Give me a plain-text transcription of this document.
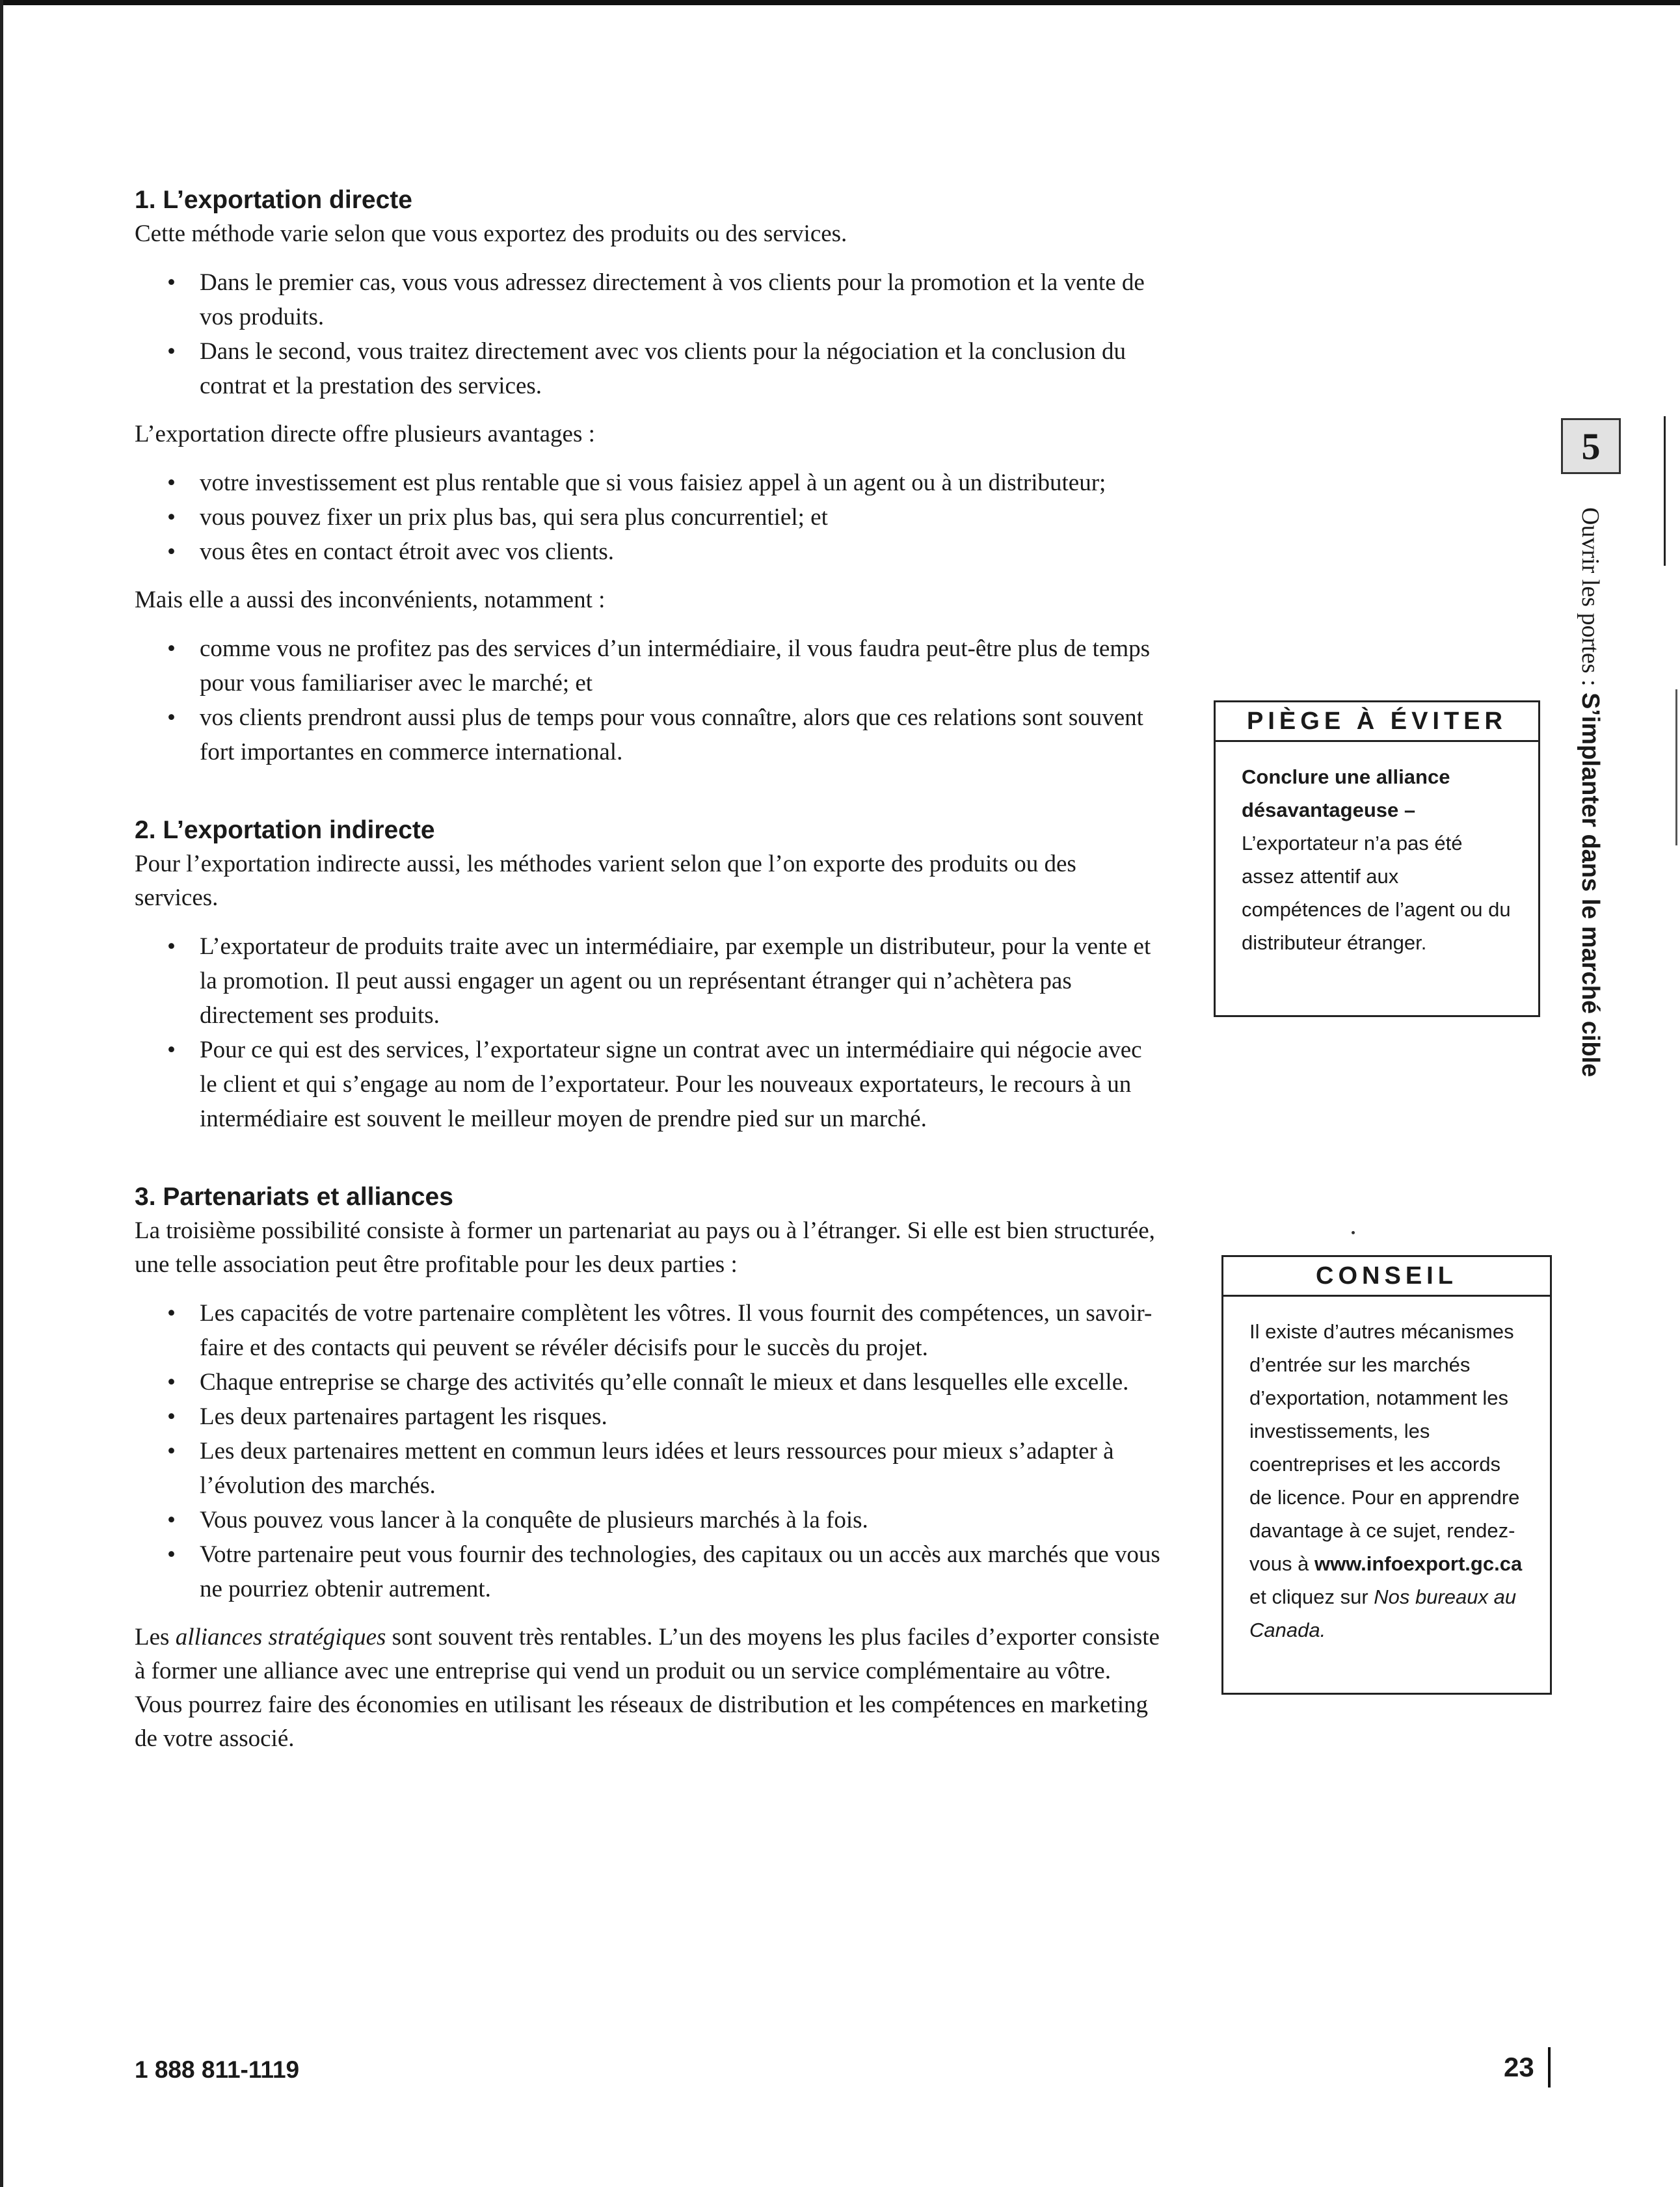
1. L’exportation directe

Cette méthode varie selon que vous exportez des produits ou des services.

• Dans le premier cas, vous vous adressez directement à vos clients pour la promotion et la vente de vos produits.
• Dans le second, vous traitez directement avec vos clients pour la négociation et la conclusion du contrat et la prestation des services.

L’exportation directe offre plusieurs avantages :

• votre investissement est plus rentable que si vous faisiez appel à un agent ou à un distributeur;
• vous pouvez fixer un prix plus bas, qui sera plus concurrentiel; et
• vous êtes en contact étroit avec vos clients.

Mais elle a aussi des inconvénients, notamment :

• comme vous ne profitez pas des services d’un intermédiaire, il vous faudra peut-être plus de temps pour vous familiariser avec le marché; et
• vos clients prendront aussi plus de temps pour vous connaître, alors que ces relations sont souvent fort importantes en commerce international.
2. L’exportation indirecte

Pour l’exportation indirecte aussi, les méthodes varient selon que l’on exporte des produits ou des services.

• L’exportateur de produits traite avec un intermédiaire, par exemple un distributeur, pour la vente et la promotion. Il peut aussi engager un agent ou un représentant étranger qui n’achètera pas directement ses produits.
• Pour ce qui est des services, l’exportateur signe un contrat avec un intermédiaire qui négocie avec le client et qui s’engage au nom de l’exportateur. Pour les nouveaux exportateurs, le recours à un intermédiaire est souvent le meilleur moyen de prendre pied sur un marché.
3. Partenariats et alliances

La troisième possibilité consiste à former un partenariat au pays ou à l’étranger. Si elle est bien structurée, une telle association peut être profitable pour les deux parties :

• Les capacités de votre partenaire complètent les vôtres. Il vous fournit des compétences, un savoir-faire et des contacts qui peuvent se révéler décisifs pour le succès du projet.
• Chaque entreprise se charge des activités qu’elle connaît le mieux et dans lesquelles elle excelle.
• Les deux partenaires partagent les risques.
• Les deux partenaires mettent en commun leurs idées et leurs ressources pour mieux s’adapter à l’évolution des marchés.
• Vous pouvez vous lancer à la conquête de plusieurs marchés à la fois.
• Votre partenaire peut vous fournir des technologies, des capitaux ou un accès aux marchés que vous ne pourriez obtenir autrement.

Les alliances stratégiques sont souvent très rentables. L’un des moyens les plus faciles d’exporter consiste à former une alliance avec une entreprise qui vend un produit ou un service complémentaire au vôtre. Vous pourrez faire des économies en utilisant les réseaux de distribution et les compétences en marketing de votre associé.

PIÈGE À ÉVITER
Conclure une alliance désavantageuse – L’exportateur n’a pas été assez attentif aux compétences de l’agent ou du distributeur étranger.
CONSEIL
Il existe d’autres mécanismes d’entrée sur les marchés d’exportation, notamment les investissements, les coentreprises et les accords de licence. Pour en apprendre davantage à ce sujet, rendez-vous à www.infoexport.gc.ca et cliquez sur Nos bureaux au Canada.
5
Ouvrir les portes : S’implanter dans le marché cible
1 888 811-1119	23
